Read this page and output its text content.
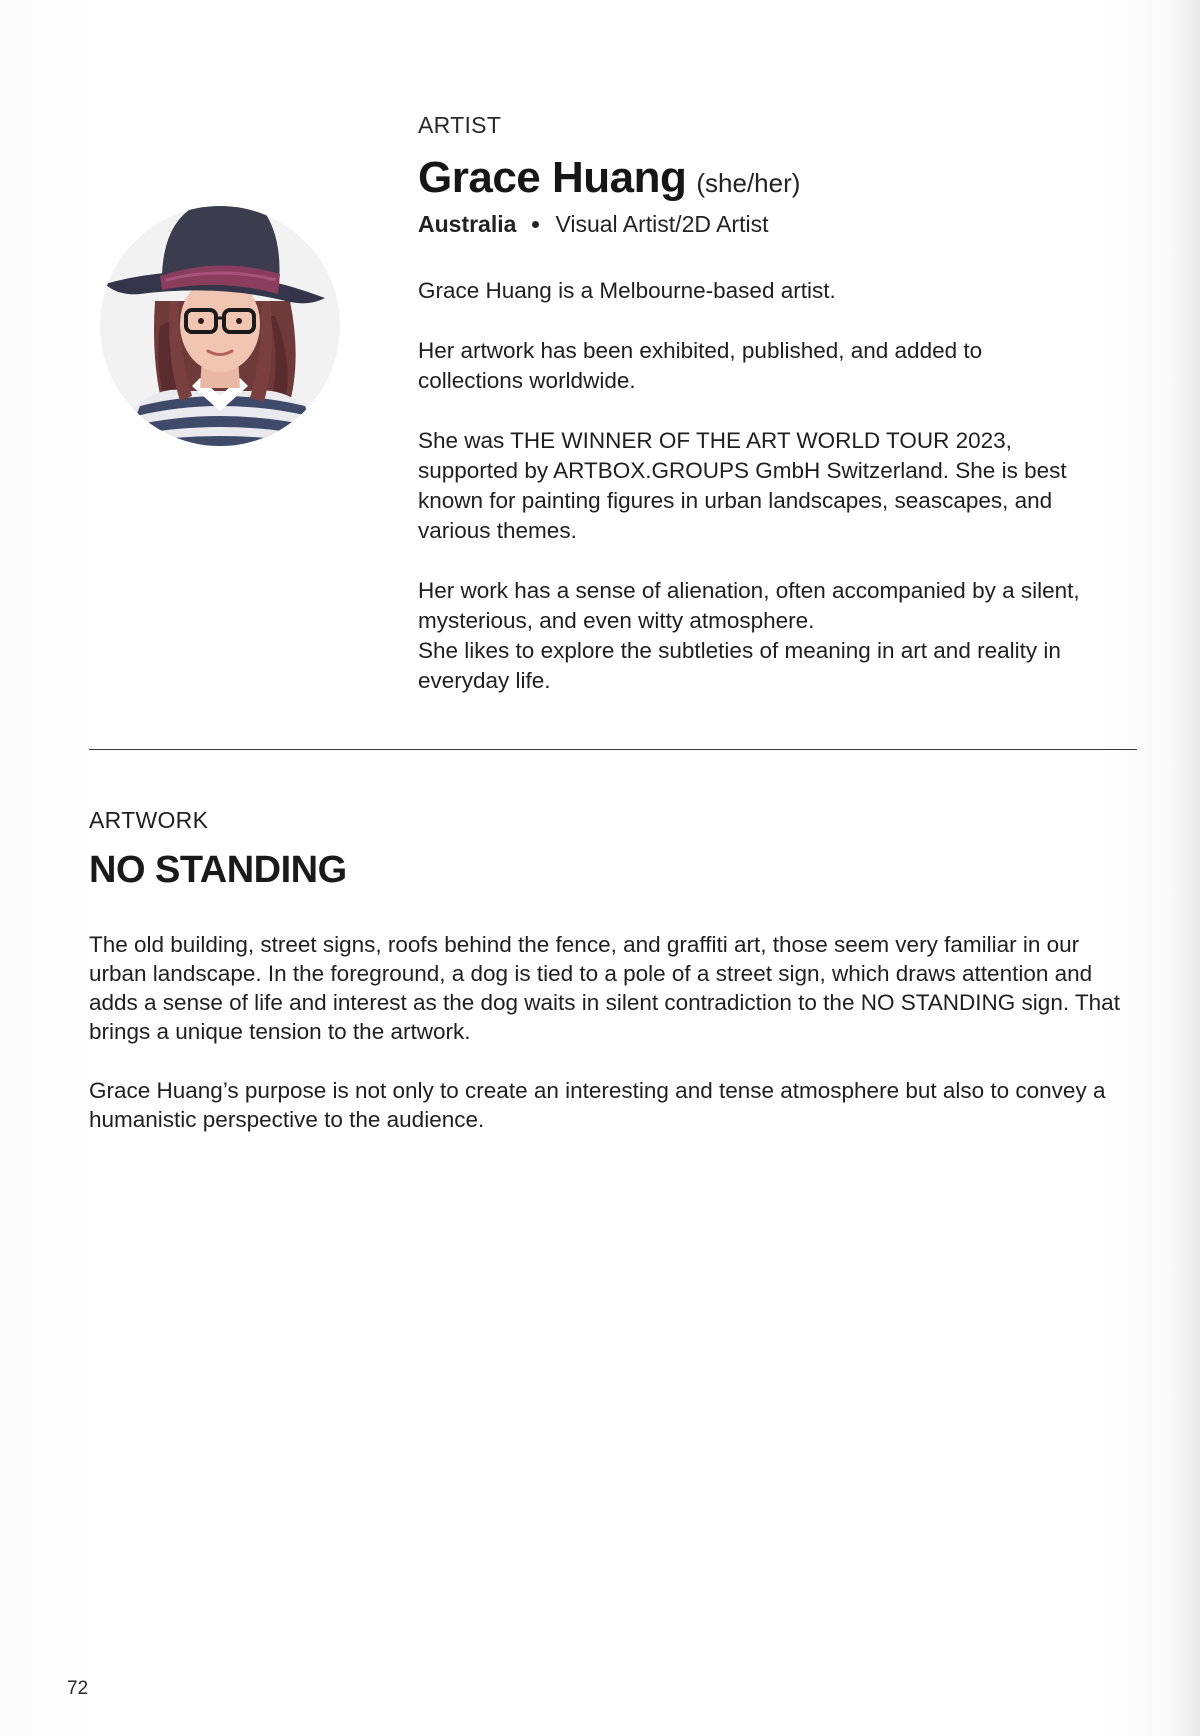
ARTIST

Grace Huang (she/her)
Australia Visual Artist/2D Artist

Grace Huang is a Melbourne-based artist.

Her artwork has been exhibited, published, and added to collections worldwide.

She was THE WINNER OF THE ART WORLD TOUR 2023, supported by ARTBOX.GROUPS GmbH Switzerland. She is best known for painting figures in urban landscapes, seascapes, and various themes.

Her work has a sense of alienation, often accompanied by a silent, mysterious, and even witty atmosphere.

She likes to explore the subtleties of meaning in art and reality in everyday life.

ARTWORK

NO STANDING

The old building, street signs, roofs behind the fence, and graffiti art, those seem very familiar in our urban landscape. In the foreground, a dog is tied to a pole of a street sign, which draws attention and adds a sense of life and interest as the dog waits in silent contradiction to the NO STANDING sign. That brings a unique tension to the artwork.

Grace Huang’s purpose is not only to create an interesting and tense atmosphere but also to convey a humanistic perspective to the audience.

72
